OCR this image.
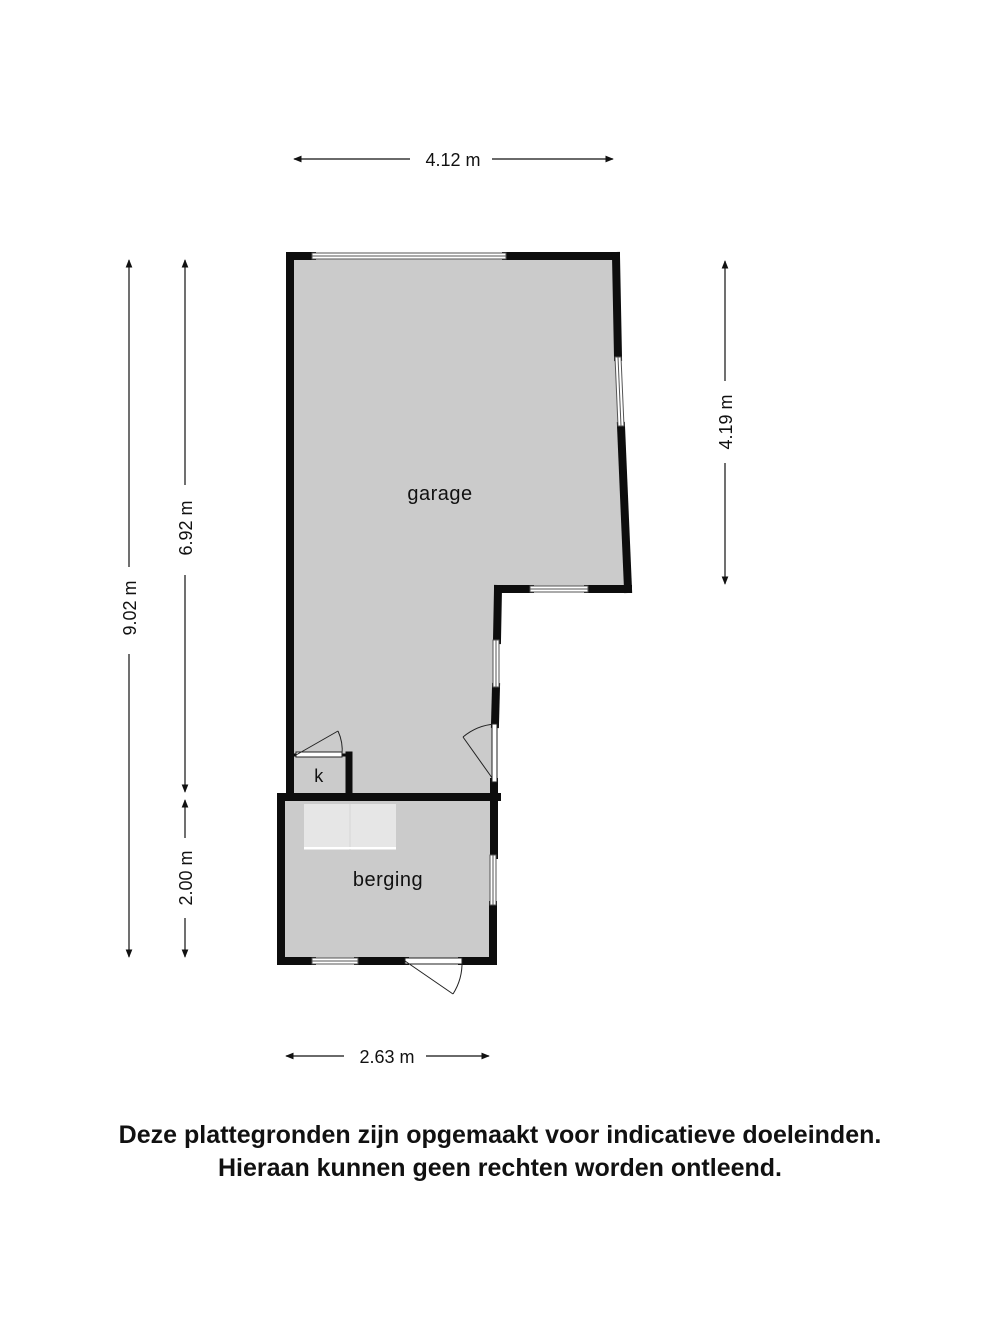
garage
berging
k
4.12 m
2.63 m
4.19 m
9.02 m
6.92 m
2.00 m
Deze plattegronden zijn opgemaakt voor indicatieve doeleinden.
Hieraan kunnen geen rechten worden ontleend.
